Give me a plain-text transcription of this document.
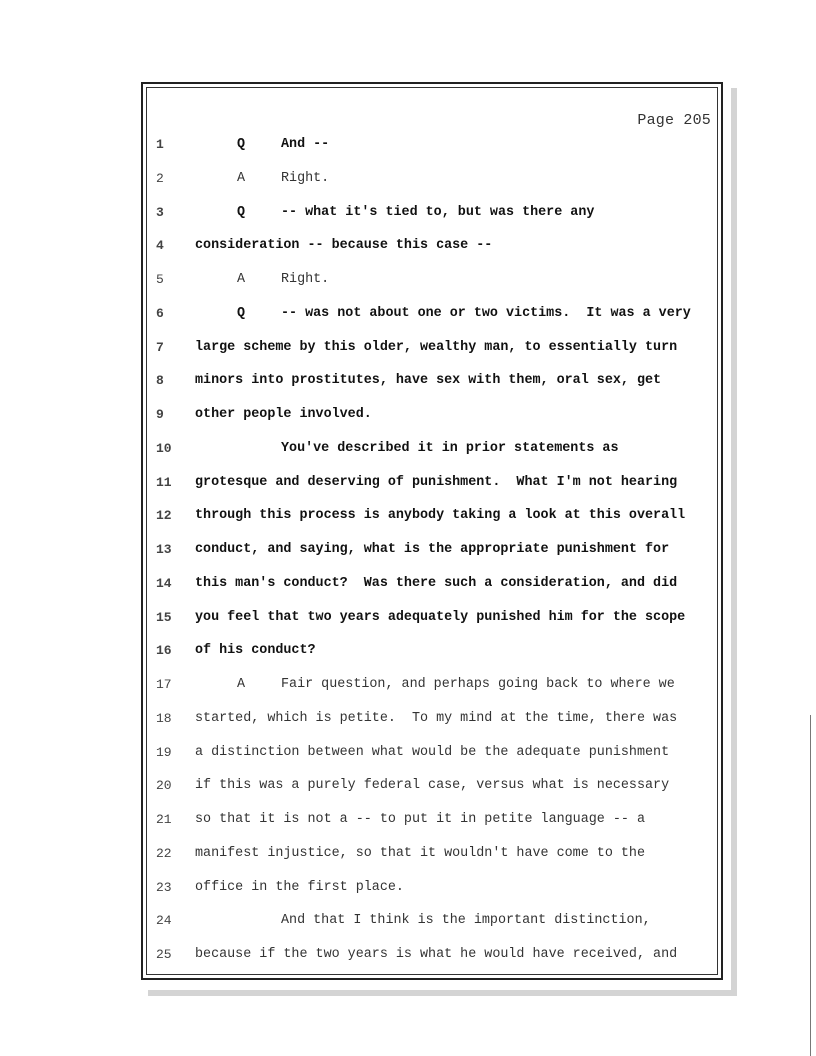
Page 205
1	Q	And --
2	A	Right.
3	Q	-- what it's tied to, but was there any
4	consideration -- because this case --
5	A	Right.
6	Q	-- was not about one or two victims.  It was a very
7	large scheme by this older, wealthy man, to essentially turn
8	minors into prostitutes, have sex with them, oral sex, get
9	other people involved.
10	You've described it in prior statements as
11	grotesque and deserving of punishment.  What I'm not hearing
12	through this process is anybody taking a look at this overall
13	conduct, and saying, what is the appropriate punishment for
14	this man's conduct?  Was there such a consideration, and did
15	you feel that two years adequately punished him for the scope
16	of his conduct?
17	A	Fair question, and perhaps going back to where we
18	started, which is petite.  To my mind at the time, there was
19	a distinction between what would be the adequate punishment
20	if this was a purely federal case, versus what is necessary
21	so that it is not a -- to put it in petite language -- a
22	manifest injustice, so that it wouldn't have come to the
23	office in the first place.
24	And that I think is the important distinction,
25	because if the two years is what he would have received, and
